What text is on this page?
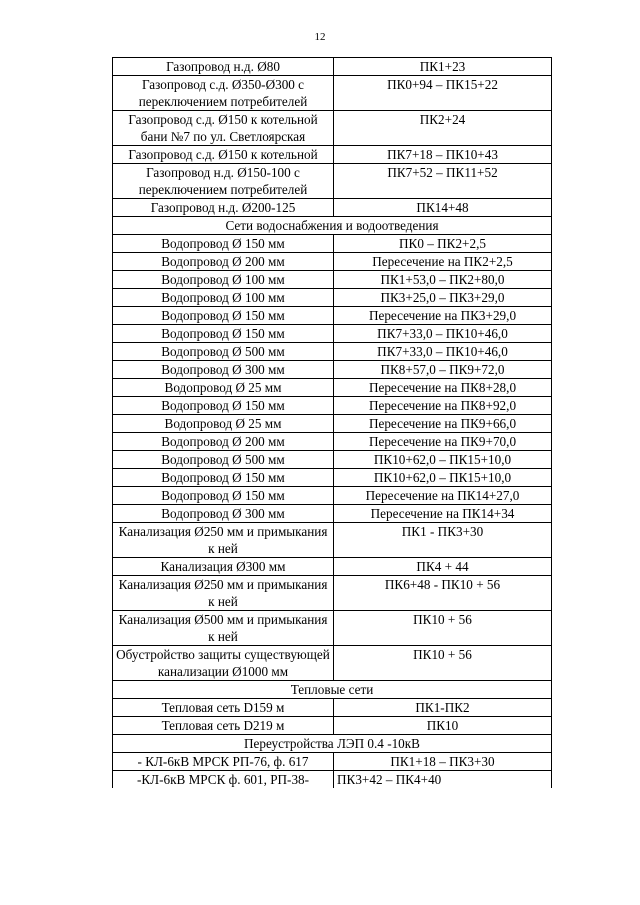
12
Газопровод н.д. Ø80	ПК1+23
Газопровод с.д. Ø350-Ø300 с переключением потребителей	ПК0+94 – ПК15+22
Газопровод с.д. Ø150 к котельной бани №7 по ул. Светлоярская	ПК2+24
Газопровод с.д. Ø150 к котельной	ПК7+18 – ПК10+43
Газопровод н.д. Ø150-100 с переключением потребителей	ПК7+52 – ПК11+52
Газопровод н.д. Ø200-125	ПК14+48
Сети водоснабжения и водоотведения	
Водопровод Ø 150 мм	ПК0 – ПК2+2,5
Водопровод Ø 200 мм	Пересечение на ПК2+2,5
Водопровод Ø 100 мм	ПК1+53,0 – ПК2+80,0
Водопровод Ø 100 мм	ПК3+25,0 – ПК3+29,0
Водопровод Ø 150 мм	Пересечение на ПК3+29,0
Водопровод Ø 150 мм	ПК7+33,0 – ПК10+46,0
Водопровод Ø 500 мм	ПК7+33,0 – ПК10+46,0
Водопровод Ø 300 мм	ПК8+57,0 – ПК9+72,0
Водопровод Ø 25 мм	Пересечение на ПК8+28,0
Водопровод Ø 150 мм	Пересечение на ПК8+92,0
Водопровод Ø 25 мм	Пересечение на ПК9+66,0
Водопровод Ø 200 мм	Пересечение на ПК9+70,0
Водопровод Ø 500 мм	ПК10+62,0 – ПК15+10,0
Водопровод Ø 150 мм	ПК10+62,0 – ПК15+10,0
Водопровод Ø 150 мм	Пересечение на ПК14+27,0
Водопровод Ø 300 мм	Пересечение на ПК14+34
Канализация Ø250 мм и примыкания к ней	ПК1 - ПК3+30
Канализация Ø300 мм	ПК4 + 44
Канализация Ø250 мм и примыкания к ней	ПК6+48 - ПК10 + 56
Канализация Ø500 мм и примыкания к ней	ПК10 + 56
Обустройство защиты существующей канализации Ø1000 мм	ПК10 + 56
Тепловые сети	
Тепловая сеть D159 м	ПК1-ПК2
Тепловая сеть D219 м	ПК10
Переустройства ЛЭП 0.4 -10кВ	
- КЛ-6кВ МРСК РП-76, ф. 617	ПК1+18 – ПК3+30
-КЛ-6кВ МРСК ф. 601, РП-38-	ПК3+42 – ПК4+40
